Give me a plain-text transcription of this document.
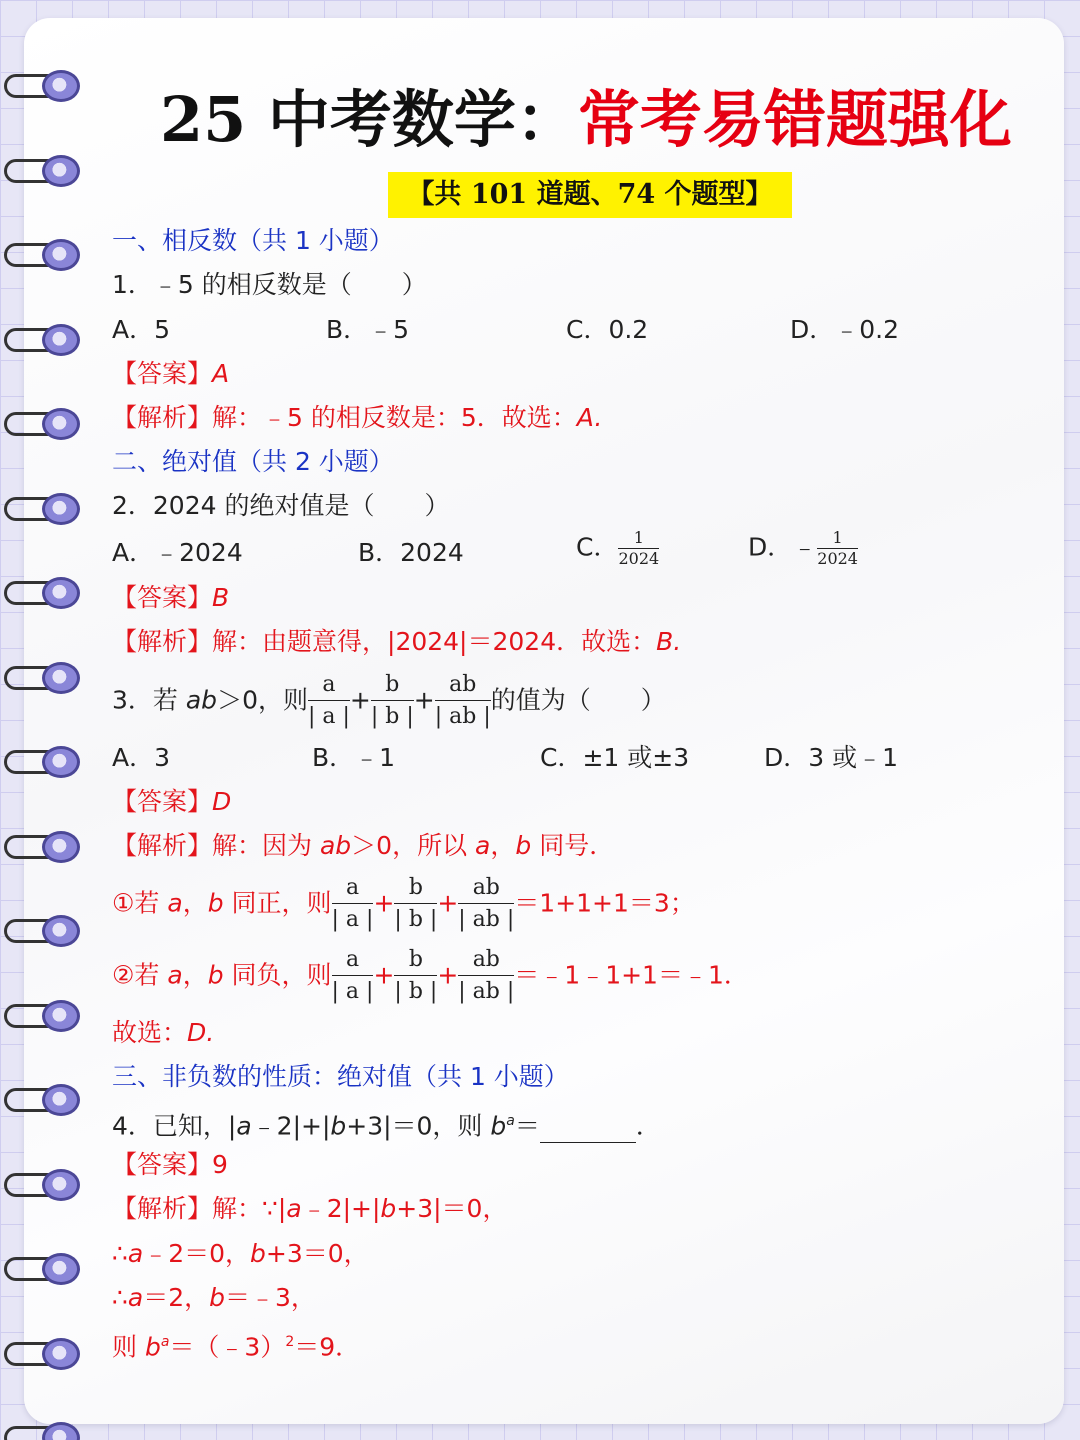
25 中考数学：常考易错题强化
【共 101 道题、74 个题型】
一、相反数（共 1 小题）
1．﹣5 的相反数是（　　）
A．5	B．﹣5	C．0.2	D．﹣0.2
【答案】A
【解析】解：﹣5 的相反数是：5．故选：A.
二、绝对值（共 2 小题）
2．2024 的绝对值是（　　）
A．﹣2024	B．2024	C． $\frac{1}{2024}$	D．﹣ $\frac{1}{2024}$
【答案】B
【解析】解：由题意得，|2024|＝2024．故选：B.
3．若 ab＞0，则 $\frac{a}{| a |} + \frac{b}{| b |} + \frac{ab}{| ab |}$ 的值为（　　）
A．3	B．﹣1	C．±1 或±3	D．3 或﹣1
【答案】D
【解析】解：因为 ab＞0，所以 a，b 同号．
①若 a，b 同正，则 $\frac{a}{| a |} + \frac{b}{| b |} + \frac{ab}{| ab |} =1+1+1=3$；
②若 a，b 同负，则 $\frac{a}{| a |} + \frac{b}{| b |} + \frac{ab}{| ab |}$ ＝﹣1﹣1+1＝﹣1．
故选：D.
三、非负数的性质：绝对值（共 1 小题）
4．已知，|a﹣2|+|b+3|＝0，则 $b^a=$	．
【答案】9
【解析】解：∵|a﹣2|+|b+3|＝0，
∴a﹣2＝0，b+3＝0，
∴a＝2，b＝﹣3，
则 $b^a=(﹣3)^2=9$．
